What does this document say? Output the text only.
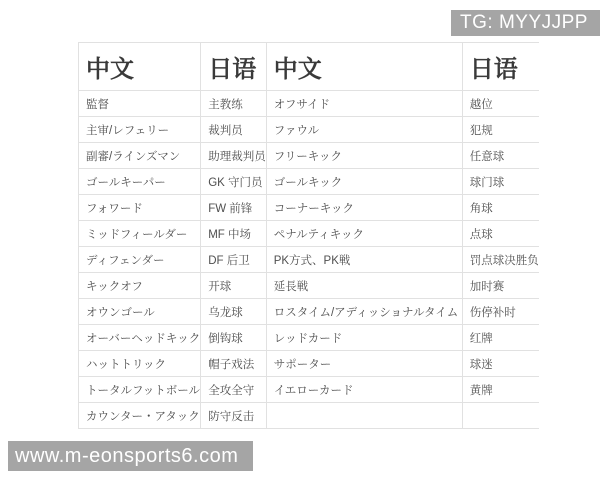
TG: MYYJJPP
中文	日语	中文	日语
監督	主教练	オフサイド	越位
主审/レフェリー	裁判员	ファウル	犯规
副審/ラインズマン	助理裁判员	フリーキック	任意球
ゴールキーパー	GK 守门员	ゴールキック	球门球
フォワード	FW 前锋	コーナーキック	角球
ミッドフィールダー	MF 中场	ペナルティキック	点球
ディフェンダー	DF 后卫	PK方式、PK戦	罚点球决胜负
キックオフ	开球	延長戦	加时赛
オウンゴール	乌龙球	ロスタイム/アディッショナルタイム	伤停补时
オーバーヘッドキック	倒钩球	レッドカード	红牌
ハットトリック	帽子戏法	サポーター	球迷
トータルフットボール	全攻全守	イエローカード	黄牌
カウンター・アタック	防守反击		
www.m-eonsports6.com
